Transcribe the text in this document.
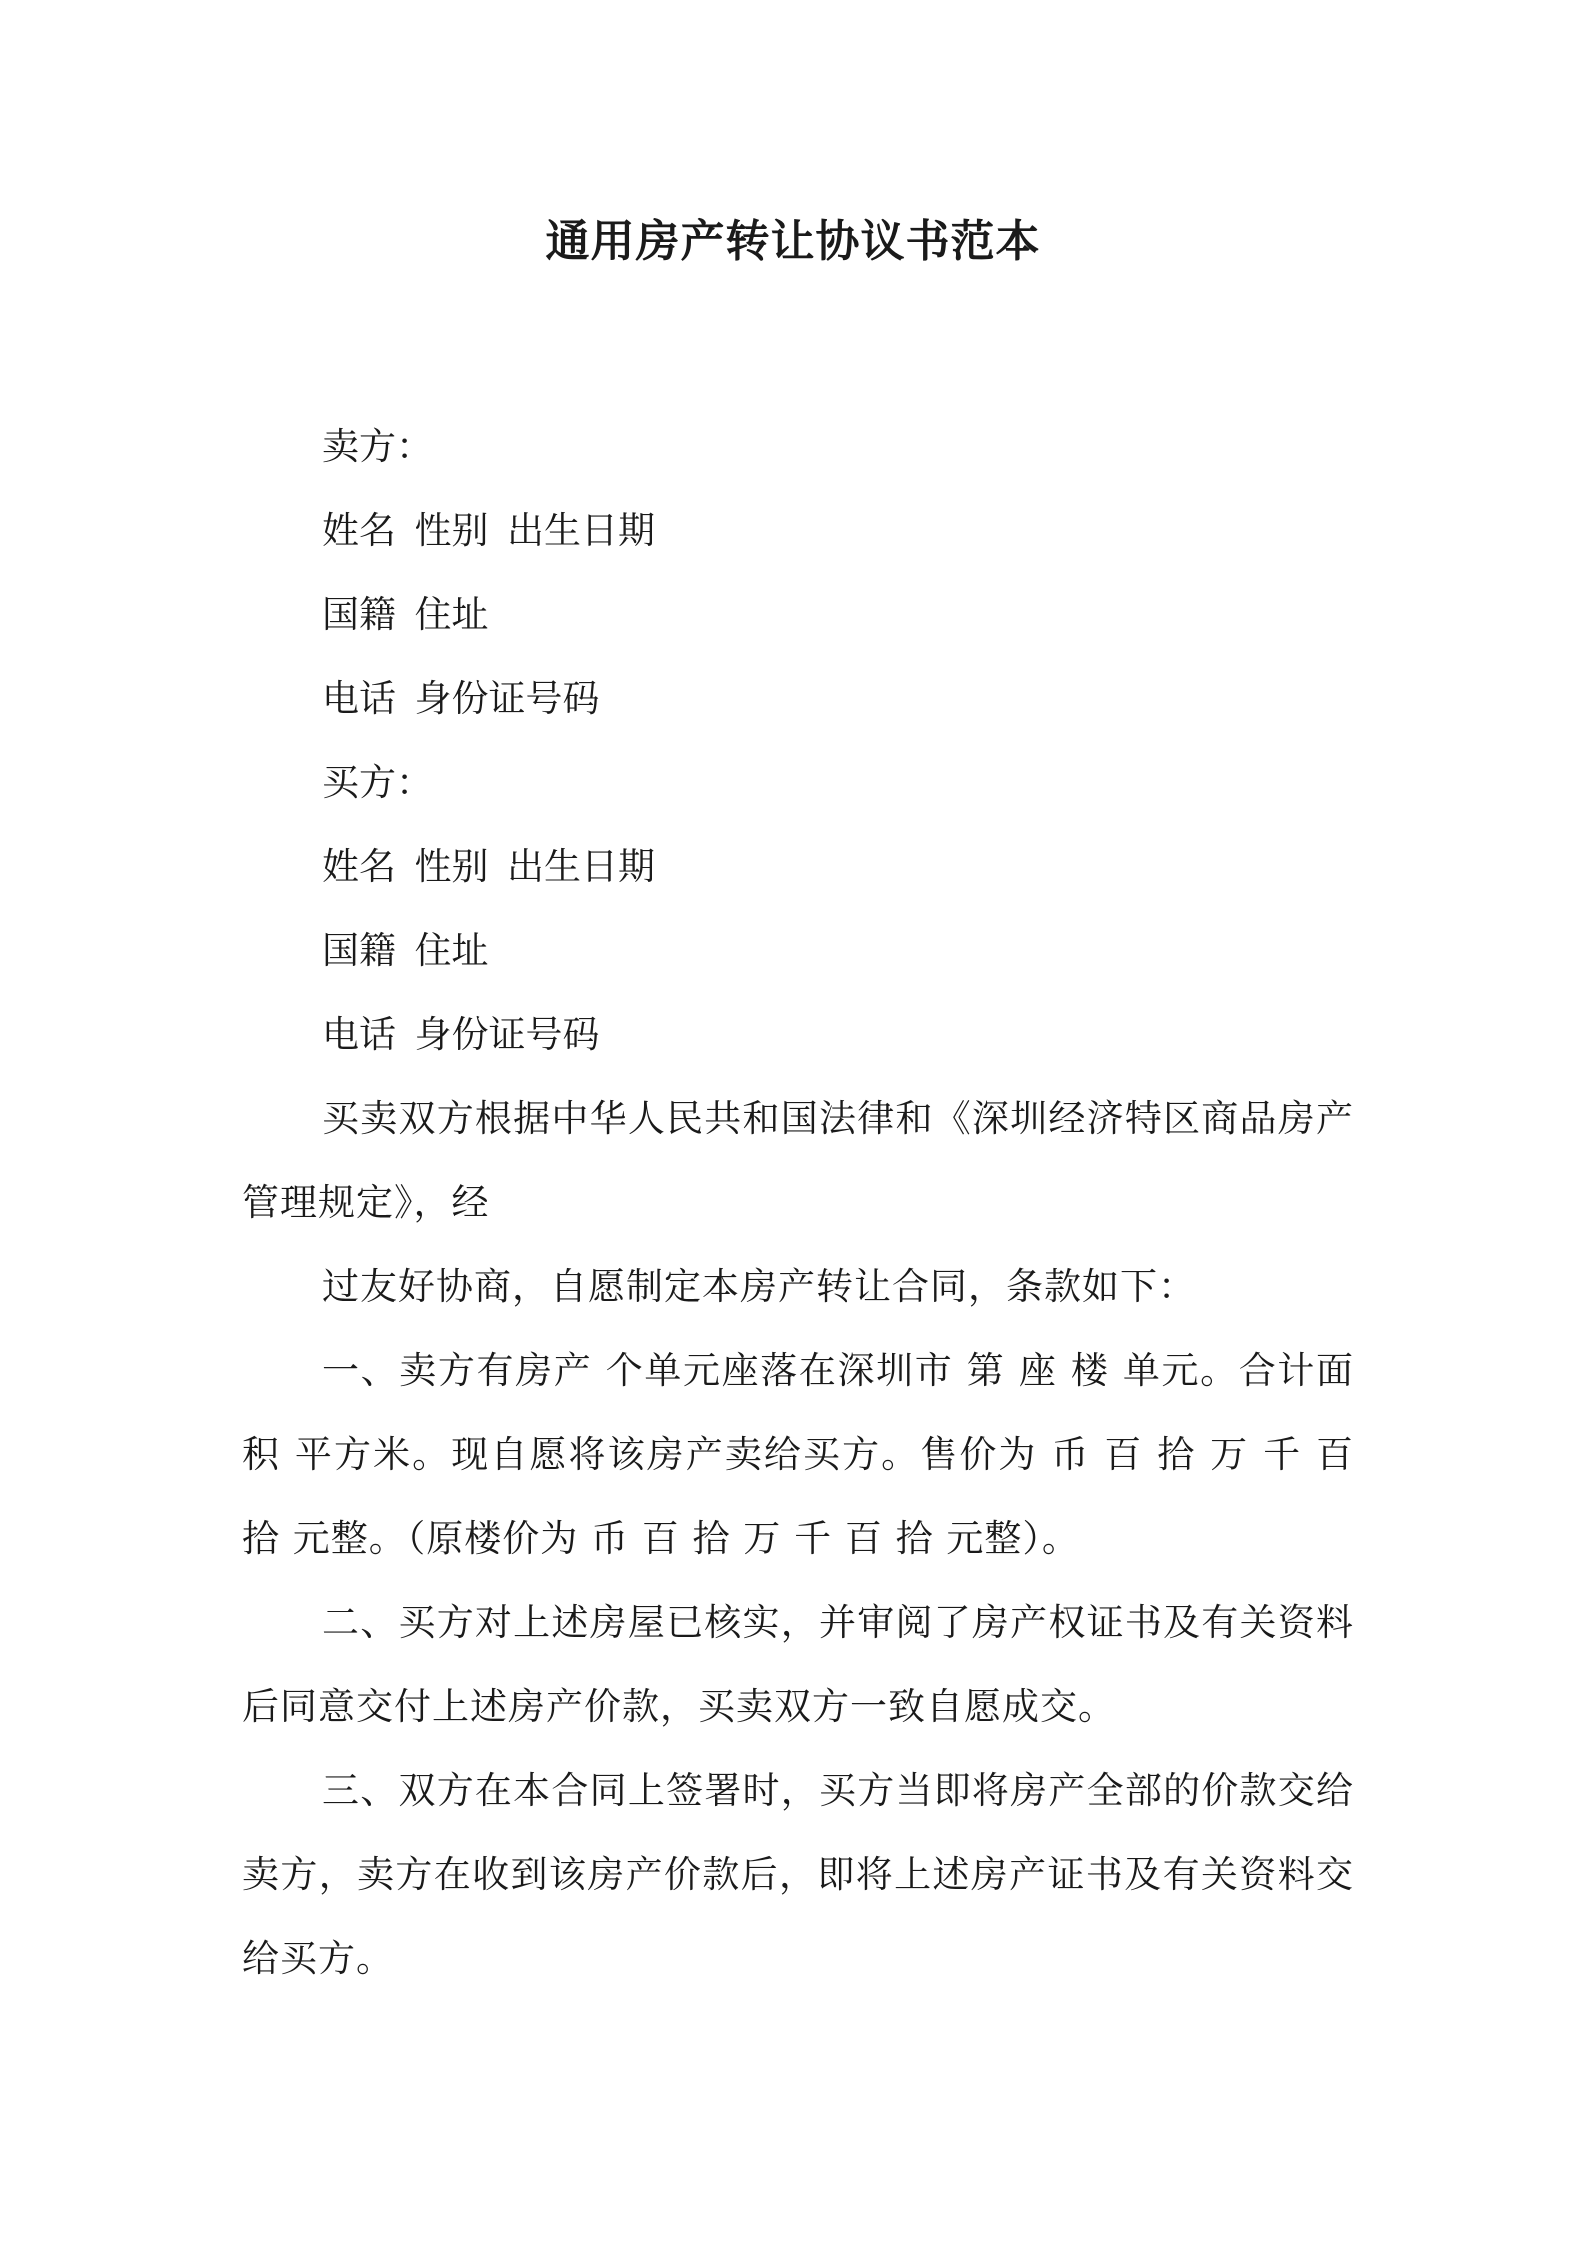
通用房产转让协议书范本
卖方：
姓名 性别 出生日期
国籍 住址
电话 身份证号码
买方：
姓名 性别 出生日期
国籍 住址
电话 身份证号码
买卖双方根据中华人民共和国法律和《深圳经济特区商品房产管理规定》，经
过友好协商，自愿制定本房产转让合同，条款如下：
一、卖方有房产 个单元座落在深圳市 第 座 楼 单元。合计面积 平方米。现自愿将该房产卖给买方。售价为 币 百 拾 万 千 百 拾 元整。（原楼价为 币 百 拾 万 千 百 拾 元整）。
二、买方对上述房屋已核实，并审阅了房产权证书及有关资料后同意交付上述房产价款，买卖双方一致自愿成交。
三、双方在本合同上签署时，买方当即将房产全部的价款交给卖方，卖方在收到该房产价款后，即将上述房产证书及有关资料交给买方。
